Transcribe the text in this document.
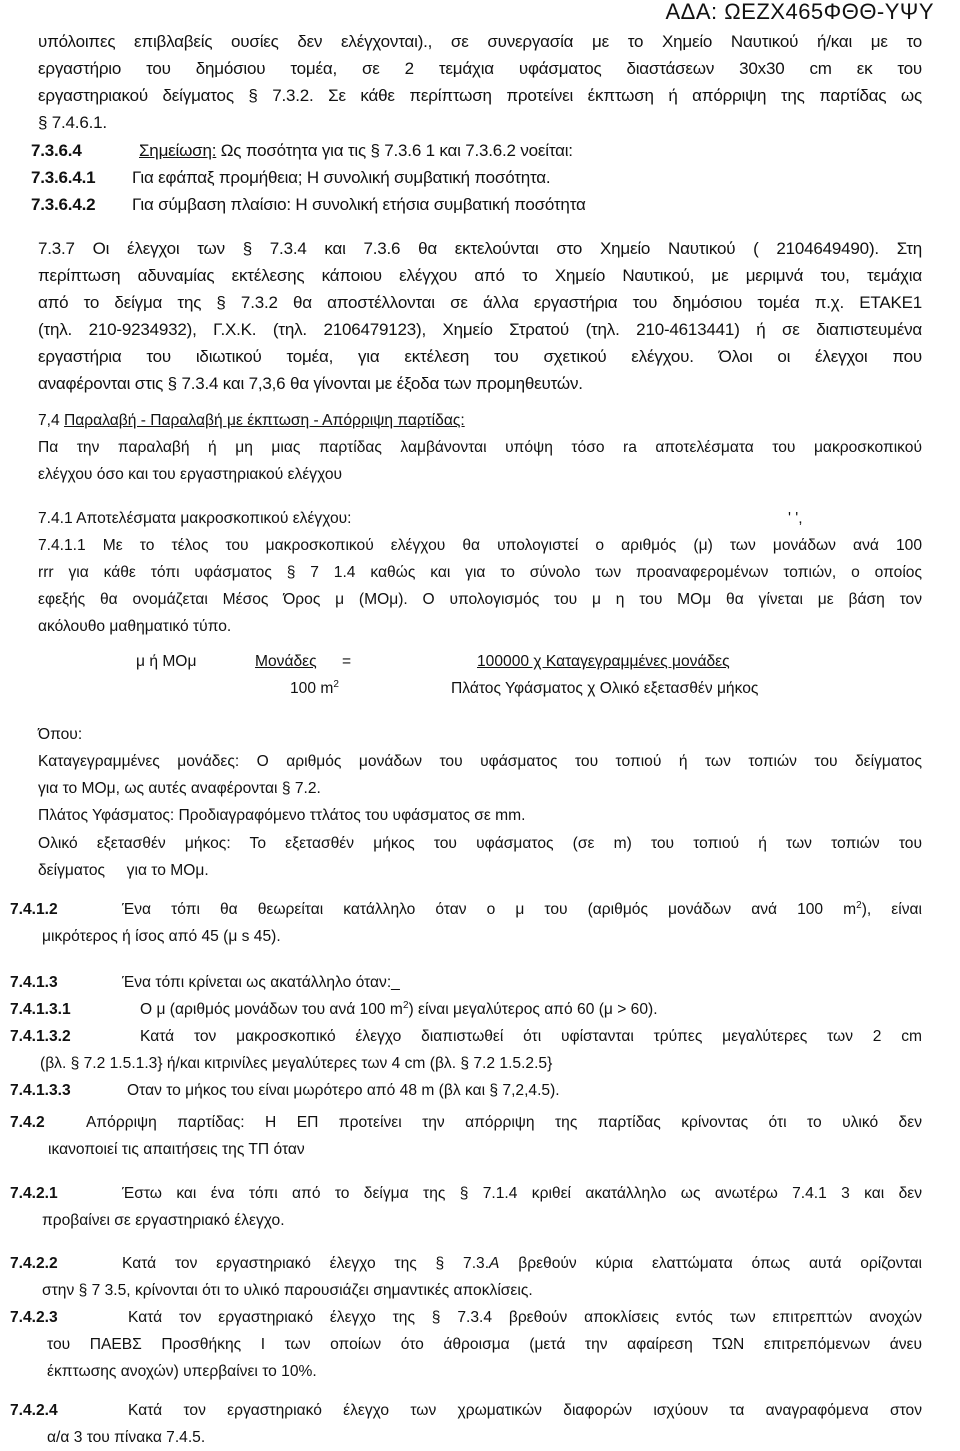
ΑΔΑ: ΩΕΖΧ465ΦΘΘ-ΥΨΥ

υπόλοιπες επιβλαβείς ουσίες δεν ελέγχονται)., σε συνεργασία με το Χημείο Ναυτικού ή/και με το

εργαστήριο του δημόσιου τομέα, σε 2 τεμάχια υφάσματος διαστάσεων 30x30 cm εκ του

εργαστηριακού δείγματος § 7.3.2. Σε κάθε περίπτωση προτείνει έκπτωση ή απόρριψη της παρτίδας ως

§ 7.4.6.1.

7.3.6.4	Σημείωση: Ως ποσότητα για τις § 7.3.6 1 και 7.3.6.2 νοείται:

7.3.6.4.1	Για εφάπαξ προμήθεια; Η συνολική συμβατική ποσότητα.

7.3.6.4.2	Για σύμβαση πλαίσιο: Η συνολική ετήσια συμβατική ποσότητα

7.3.7 Οι έλεγχοι των § 7.3.4 και 7.3.6 θα εκτελούνται στο Χημείο Ναυτικού ( 2104649490). Στη

περίπτωση αδυναμίας εκτέλεσης κάποιου ελέγχου από το Χημείο Ναυτικού, με μεριμνά του, τεμάχια

από το δείγμα της § 7.3.2 θα αποστέλλονται σε άλλα εργαστήρια του δημόσιου τομέα π.χ. ΕΤΑΚΕ1

(τηλ. 210-9234932), Γ.Χ.Κ. (τηλ. 2106479123), Χημείο Στρατού (τηλ. 210-4613441) ή σε διαπιστευμένα

εργαστήρια του ιδιωτικού τομέα, για εκτέλεση του σχετικού ελέγχου. Όλοι οι έλεγχοι που

αναφέρονται στις § 7.3.4 και 7,3,6 θα γίνονται με έξοδα των προμηθευτών.

7,4 Παραλαβή - Παραλαβή με έκπτωση - Απόρριψη παρτίδας:

Πα την παραλαβή ή μη μιας παρτίδας λαμβάνονται υπόψη τόσο ra αποτελέσματα του μακροσκοπικού

ελέγχου όσο και του εργαστηριακού ελέγχου

7.4.1 Αποτελέσματα μακροσκοπικού ελέγχου:	' ',

7.4.1.1 Με το τέλος του μακροσκοπικού ελέγχου θα υπολογιστεί ο αριθμός (μ) των μονάδων ανά 100

rrr για κάθε τόπι υφάσματος § 7 1.4 καθώς και για το σύνολο των προαναφερομένων τοπιών, ο οποίος

εφεξής θα ονομάζεται Μέσος Όρος μ (ΜΟμ). Ο υπολογισμός του μ η του ΜΟμ θα γίνεται με βάση τον

ακόλουθο μαθηματικό τύπο.

μ ή ΜΟμ	Μονάδες =	100000 χ Καταγεγραμμένες μονάδες

100 $m^2$	Πλάτος Υφάσματος χ Ολικό εξετασθέν μήκος

Όπου:

Καταγεγραμμένες μονάδες: Ο αριθμός μονάδων του υφάσματος του τοπιού ή των τοπιών του δείγματος

για το ΜΟμ, ως αυτές αναφέρονται § 7.2.

Πλάτος Υφάσματος: Προδιαγραφόμενο ττλάτος του υφάσματος σε mm.

Ολικό εξετασθέν μήκος: Το εξετασθέν μήκος του υφάσματος (σε m) του τοπιού ή των τοπιών του

δείγματος     για το ΜΟμ.

7.4.1.2	Ένα τόπι θα θεωρείται κατάλληλο όταν ο μ του (αριθμός μονάδων ανά 100 $m^2$), είναι

μικρότερος ή ίσος από 45 (μ s 45).

7.4.1.3	Ένα τόπι κρίνεται ως ακατάλληλο όταν:_

7.4.1.3.1	Ο μ (αριθμός μονάδων του ανά 100 $m^2$) είναι μεγαλύτερος από 60 (μ > 60).

7.4.1.3.2	Κατά τον μακροσκοπικό έλεγχο διαπιστωθεί ότι υφίστανται τρύπες μεγαλύτερες των 2 cm

(βλ. § 7.2 1.5.1.3} ή/και κιτρινίλες μεγαλύτερες των 4 cm (βλ. § 7.2 1.5.2.5}

7.4.1.3.3	Οταν το μήκος του είναι μωρότερο από 48 m (βλ και § 7,2,4.5).

7.4.2	Απόρριψη παρτίδας: Η ΕΠ προτείνει την απόρριψη της παρτίδας κρίνοντας ότι το υλικό δεν

ικανοποιεί τις απαιτήσεις της ΤΠ όταν

7.4.2.1	Έστω και ένα τόπι από το δείγμα της § 7.1.4 κριθεί ακατάλληλο ως ανωτέρω 7.4.1 3 και δεν

προβαίνει σε εργαστηριακό έλεγχο.

7.4.2.2	Κατά τον εργαστηριακό έλεγχο της § 7.3.Α βρεθούν κύρια ελαττώματα όπως αυτά ορίζονται

στην § 7 3.5, κρίνονται ότι το υλικό παρουσιάζει σημαντικές αποκλίσεις.

7.4.2.3	Κατά τον εργαστηριακό έλεγχο της § 7.3.4 βρεθούν αποκλίσεις εντός των επιτρεπτών ανοχών

του ΠΑΕΒΣ Προσθήκης Ι των οποίων ότο άθροισμα (μετά την αφαίρεση ΤΩΝ επιτρεπόμενων άνευ

έκπτωσης ανοχών) υπερβαίνει το 10%.

7.4.2.4	Κατά τον εργαστηριακό έλεγχο των χρωματικών διαφορών ισχύουν τα αναγραφόμενα στον

α/α 3 του πίνακα 7.4.5.
